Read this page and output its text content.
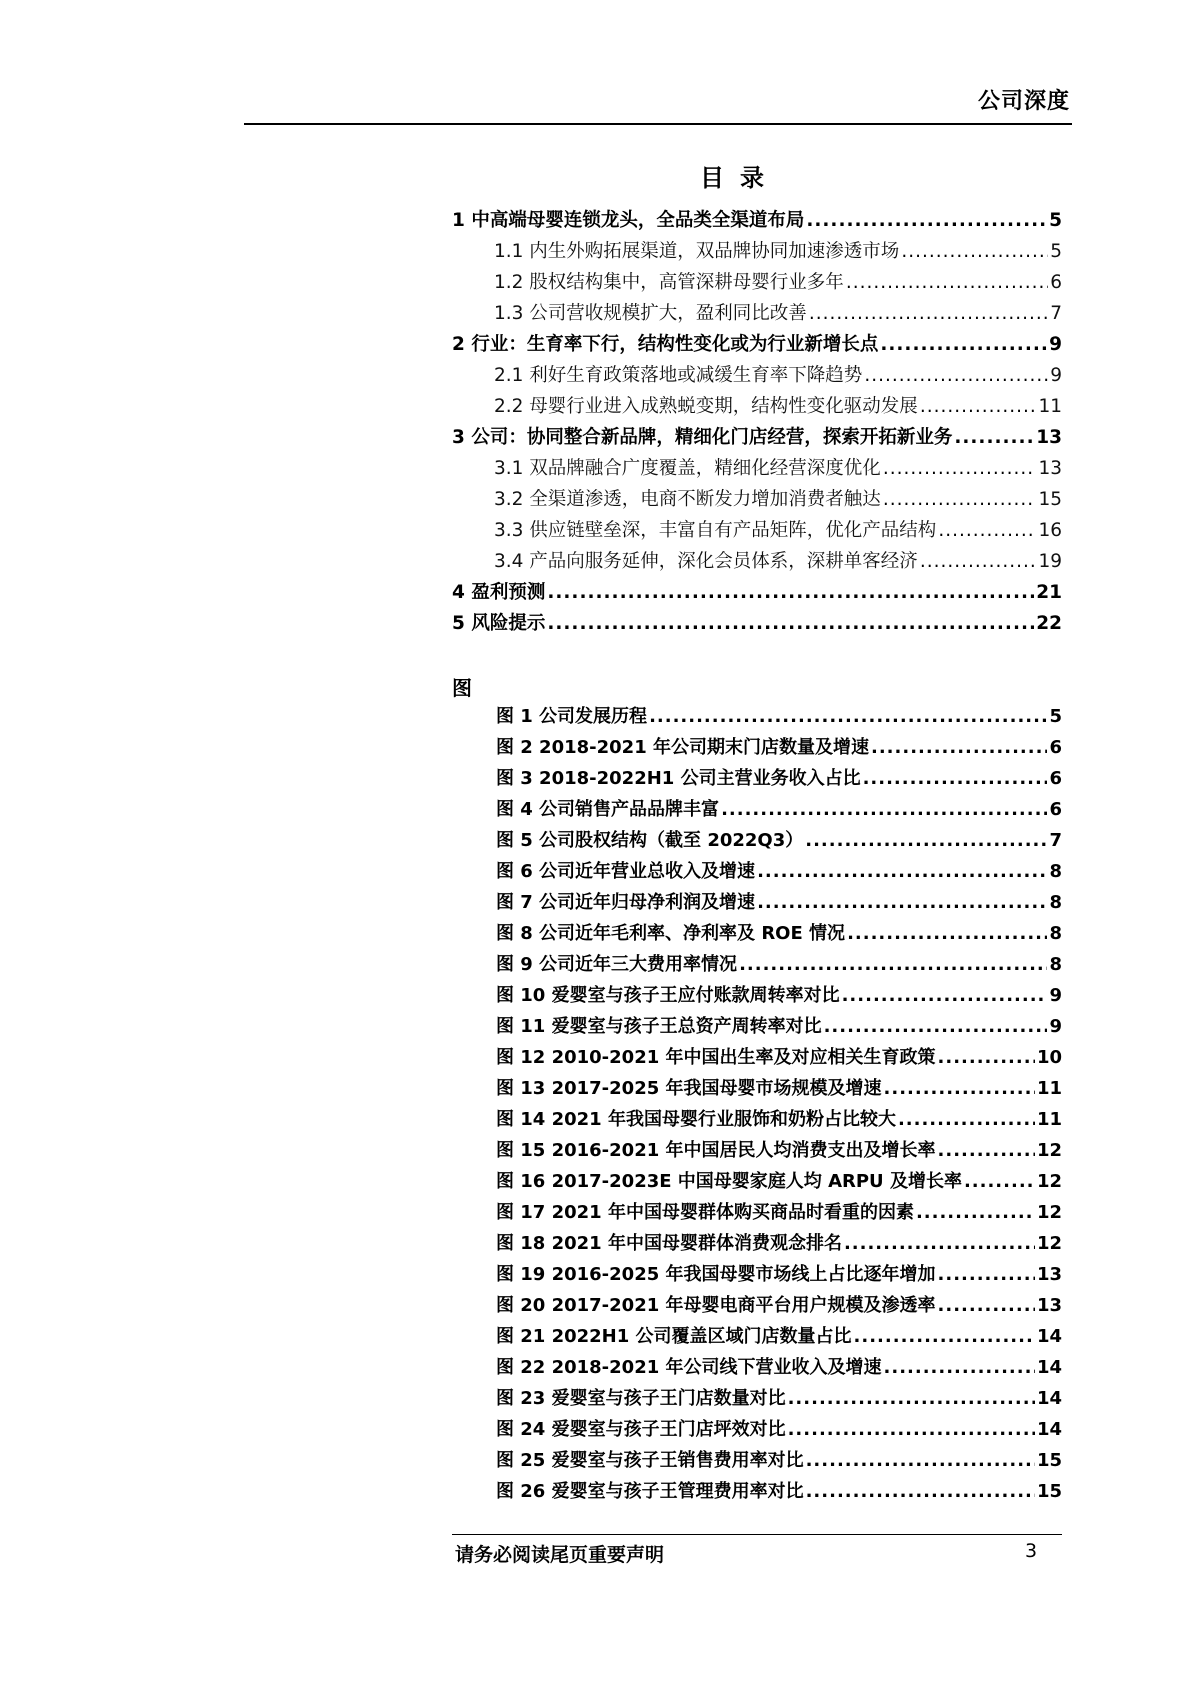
公司深度
目录
1 中高端母婴连锁龙头，全品类全渠道布局 .....	5
1.1 内生外购拓展渠道，双品牌协同加速渗透市场 .....	5
1.2 股权结构集中，高管深耕母婴行业多年 .....	6
1.3 公司营收规模扩大，盈利同比改善 .....	7
2 行业：生育率下行，结构性变化或为行业新增长点 .....	9
2.1 利好生育政策落地或减缓生育率下降趋势 .....	9
2.2 母婴行业进入成熟蜕变期，结构性变化驱动发展 .....	11
3 公司：协同整合新品牌，精细化门店经营，探索开拓新业务 .....	13
3.1 双品牌融合广度覆盖，精细化经营深度优化 .....	13
3.2 全渠道渗透，电商不断发力增加消费者触达 .....	15
3.3 供应链壁垒深，丰富自有产品矩阵，优化产品结构 .....	16
3.4 产品向服务延伸，深化会员体系，深耕单客经济 .....	19
4 盈利预测 .....	21
5 风险提示 .....	22
图
图 1 公司发展历程 .....	5
图 2 2018-2021 年公司期末门店数量及增速 .....	6
图 3 2018-2022H1 公司主营业务收入占比 .....	6
图 4 公司销售产品品牌丰富 .....	6
图 5 公司股权结构（截至 2022Q3） .....	7
图 6 公司近年营业总收入及增速 .....	8
图 7 公司近年归母净利润及增速 .....	8
图 8 公司近年毛利率、净利率及 ROE 情况 .....	8
图 9 公司近年三大费用率情况 .....	8
图 10 爱婴室与孩子王应付账款周转率对比 .....	9
图 11 爱婴室与孩子王总资产周转率对比 .....	9
图 12 2010-2021 年中国出生率及对应相关生育政策 .....	10
图 13 2017-2025 年我国母婴市场规模及增速 .....	11
图 14 2021 年我国母婴行业服饰和奶粉占比较大 .....	11
图 15 2016-2021 年中国居民人均消费支出及增长率 .....	12
图 16 2017-2023E 中国母婴家庭人均 ARPU 及增长率 .....	12
图 17 2021 年中国母婴群体购买商品时看重的因素 .....	12
图 18 2021 年中国母婴群体消费观念排名 .....	12
图 19 2016-2025 年我国母婴市场线上占比逐年增加 .....	13
图 20 2017-2021 年母婴电商平台用户规模及渗透率 .....	13
图 21 2022H1 公司覆盖区域门店数量占比 .....	14
图 22 2018-2021 年公司线下营业收入及增速 .....	14
图 23 爱婴室与孩子王门店数量对比 .....	14
图 24 爱婴室与孩子王门店坪效对比 .....	14
图 25 爱婴室与孩子王销售费用率对比 .....	15
图 26 爱婴室与孩子王管理费用率对比 .....	15
请务必阅读尾页重要声明	3
